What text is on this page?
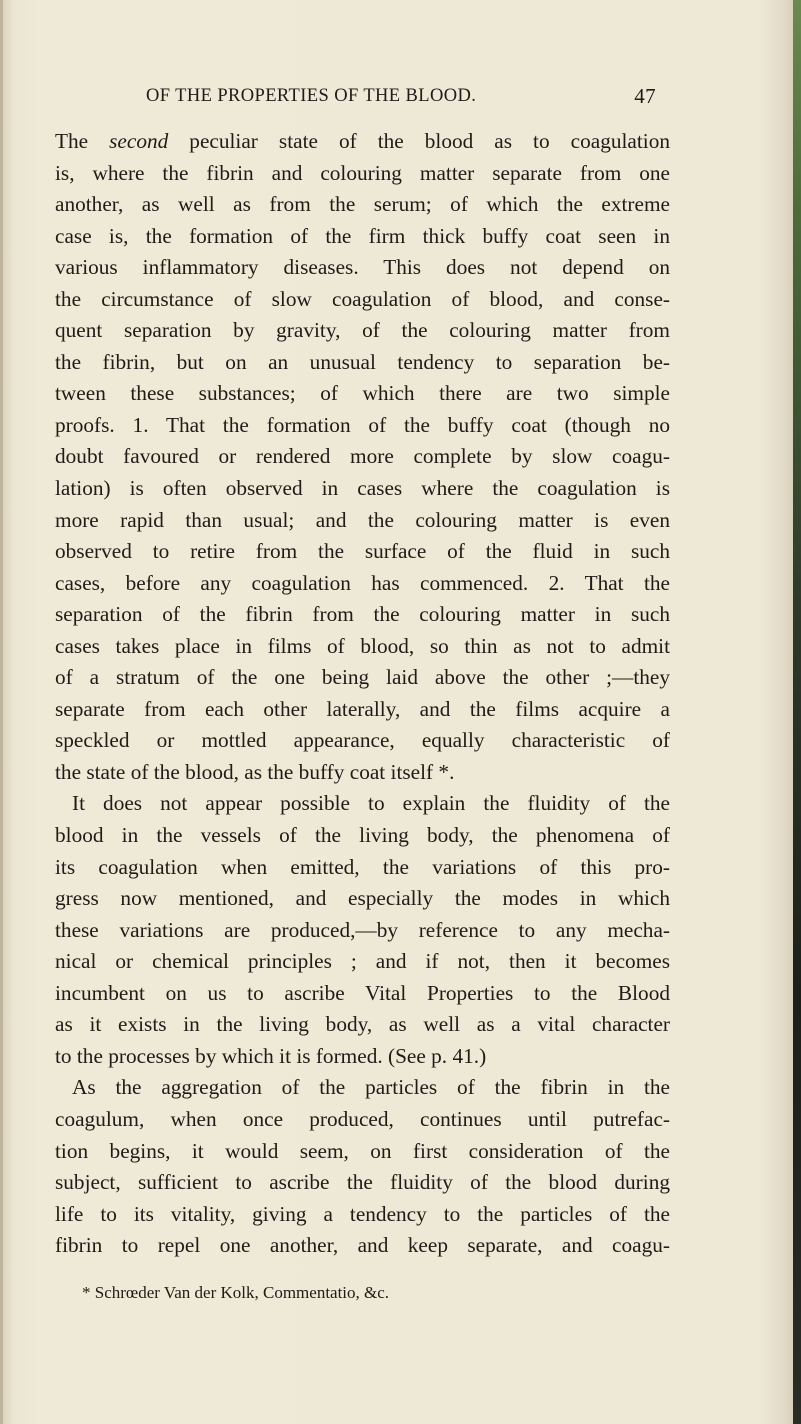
OF THE PROPERTIES OF THE BLOOD.	47
The second peculiar state of the blood as to coagulation
is, where the fibrin and colouring matter separate from one
another, as well as from the serum; of which the extreme
case is, the formation of the firm thick buffy coat seen in
various inflammatory diseases. This does not depend on
the circumstance of slow coagulation of blood, and conse-
quent separation by gravity, of the colouring matter from
the fibrin, but on an unusual tendency to separation be-
tween these substances; of which there are two simple
proofs. 1. That the formation of the buffy coat (though no
doubt favoured or rendered more complete by slow coagu-
lation) is often observed in cases where the coagulation is
more rapid than usual; and the colouring matter is even
observed to retire from the surface of the fluid in such
cases, before any coagulation has commenced. 2. That the
separation of the fibrin from the colouring matter in such
cases takes place in films of blood, so thin as not to admit
of a stratum of the one being laid above the other ;—they
separate from each other laterally, and the films acquire a
speckled or mottled appearance, equally characteristic of
the state of the blood, as the buffy coat itself *.
It does not appear possible to explain the fluidity of the
blood in the vessels of the living body, the phenomena of
its coagulation when emitted, the variations of this pro-
gress now mentioned, and especially the modes in which
these variations are produced,—by reference to any mecha-
nical or chemical principles ; and if not, then it becomes
incumbent on us to ascribe Vital Properties to the Blood
as it exists in the living body, as well as a vital character
to the processes by which it is formed. (See p. 41.)
As the aggregation of the particles of the fibrin in the
coagulum, when once produced, continues until putrefac-
tion begins, it would seem, on first consideration of the
subject, sufficient to ascribe the fluidity of the blood during
life to its vitality, giving a tendency to the particles of the
fibrin to repel one another, and keep separate, and coagu-
* Schrœder Van der Kolk, Commentatio, &c.
